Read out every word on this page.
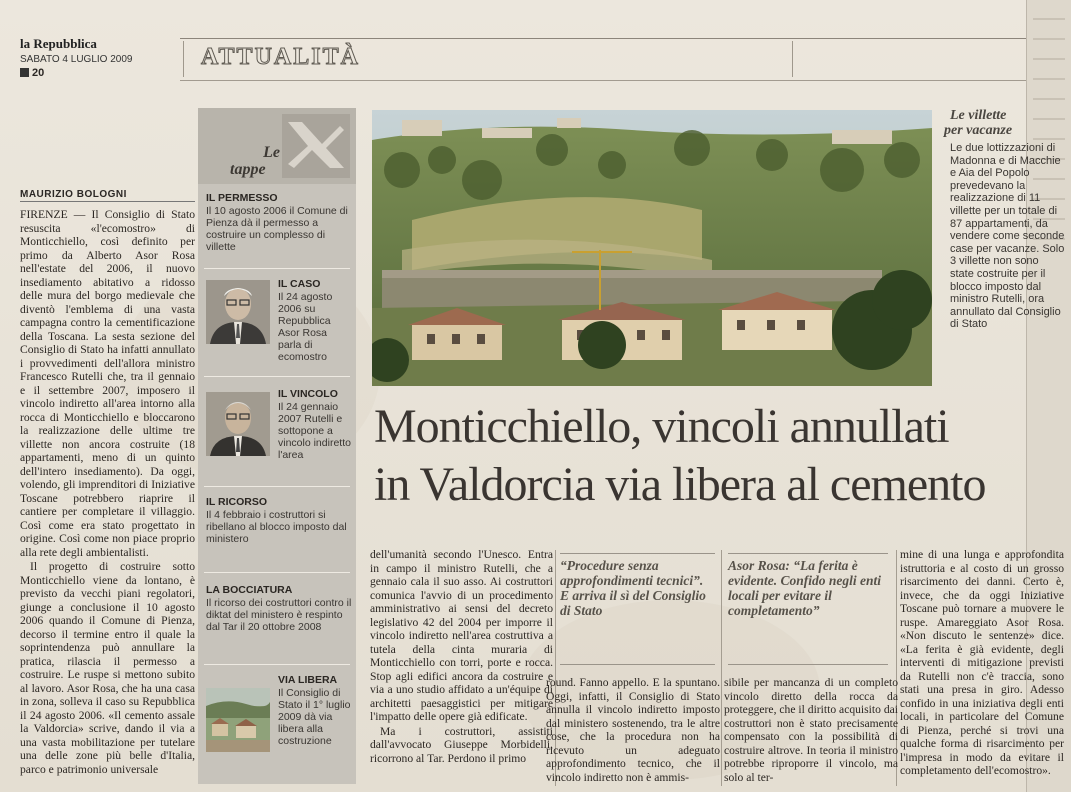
la Repubblica
SABATO 4 LUGLIO 2009
20
ATTUALITÀ
MAURIZIO BOLOGNI

FIRENZE — Il Consiglio di Stato resuscita «l'ecomostro» di Monticchiello, così definito per primo da Alberto Asor Rosa nell'estate del 2006, il nuovo insediamento abitativo a ridosso delle mura del borgo medievale che diventò l'emblema di una vasta campagna contro la cementificazione della Toscana. La sesta sezione del Consiglio di Stato ha infatti annullato i provvedimenti dell'allora ministro Francesco Rutelli che, tra il gennaio e il settembre 2007, imposero il vincolo indiretto all'area intorno alla rocca di Monticchiello e bloccarono la realizzazione delle ultime tre villette non ancora costruite (18 appartamenti, meno di un quinto dell'intero insediamento). Da oggi, volendo, gli imprenditori di Iniziative Toscane potrebbero riaprire il cantiere per completare il villaggio. Così come era stato progettato in origine. Così come non piace proprio alla rete degli ambientalisti.

Il progetto di costruire sotto Monticchiello viene da lontano, è previsto da vecchi piani regolatori, giunge a conclusione il 10 agosto 2006 quando il Comune di Pienza, decorso il termine entro il quale la soprintendenza può annullare la pratica, rilascia il permesso a costruire. Le ruspe si mettono subito al lavoro. Asor Rosa, che ha una casa in zona, solleva il caso su Repubblica il 24 agosto 2006. «Il cemento assale la Valdorcia» scrive, dando il via a una vasta mobilitazione per tutelare una delle zone più belle d'Italia, parco e patrimonio universale

Le
tappe
IL PERMESSO
Il 10 agosto 2006 il Comune di Pienza dà il permesso a costruire un complesso di villette
IL CASO
Il 24 agosto 2006 su Repubblica Asor Rosa parla di ecomostro
IL VINCOLO
Il 24 gennaio 2007 Rutelli e sottopone a vincolo indiretto l'area
IL RICORSO
Il 4 febbraio i costruttori si ribellano al blocco imposto dal ministero
LA BOCCIATURA
Il ricorso dei costruttori contro il diktat del ministero è respinto dal Tar il 20 ottobre 2008
VIA LIBERA
Il Consiglio di Stato il 1° luglio 2009 dà via libera alla costruzione
Le villette
per vacanze
Le due lottizzazioni di Madonna e di Macchie e Aia del Popolo prevedevano la realizzazione di 11 villette per un totale di 87 appartamenti, da vendere come seconde case per vacanze. Solo 3 villette non sono state costruite per il blocco imposto dal ministro Rutelli, ora annullato dal Consiglio di Stato
Monticchiello, vincoli annullati
in Valdorcia via libera al cemento

dell'umanità secondo l'Unesco. Entra in campo il ministro Rutelli, che a gennaio cala il suo asso. Ai costruttori comunica l'avvio di un procedimento amministrativo ai sensi del decreto legislativo 42 del 2004 per imporre il vincolo indiretto nell'area costruttiva a tutela della cinta muraria di Monticchiello con torri, porte e rocca. Stop agli edifici ancora da costruire e via a uno studio affidato a un'équipe di architetti paesaggistici per mitigare l'impatto delle opere già edificate.

Ma i costruttori, assistiti dall'avvocato Giuseppe Morbidelli, ricorrono al Tar. Perdono il primo

“Procedure senza approfondimenti tecnici”. E arriva il sì del Consiglio di Stato
Asor Rosa: “La ferita è evidente. Confido negli enti locali per evitare il completamento”
round. Fanno appello. E la spuntano. Oggi, infatti, il Consiglio di Stato annulla il vincolo indiretto imposto dal ministero sostenendo, tra le altre cose, che la procedura non ha ricevuto un adeguato approfondimento tecnico, che il vincolo indiretto non è ammis-
sibile per mancanza di un completo vincolo diretto della rocca da proteggere, che il diritto acquisito dai costruttori non è stato precisamente compensato con la possibilità di costruire altrove. In teoria il ministro potrebbe riproporre il vincolo, ma solo al ter-
mine di una lunga e approfondita istruttoria e al costo di un grosso risarcimento dei danni. Certo è, invece, che da oggi Iniziative Toscane può tornare a muovere le ruspe. Amareggiato Asor Rosa. «Non discuto le sentenze» dice. «La ferita è già evidente, degli interventi di mitigazione previsti da Rutelli non c'è traccia, sono stati una presa in giro. Adesso confido in una iniziativa degli enti locali, in particolare del Comune di Pienza, perché si trovi una qualche forma di risarcimento per l'impresa in modo da evitare il completamento dell'ecomostro».
